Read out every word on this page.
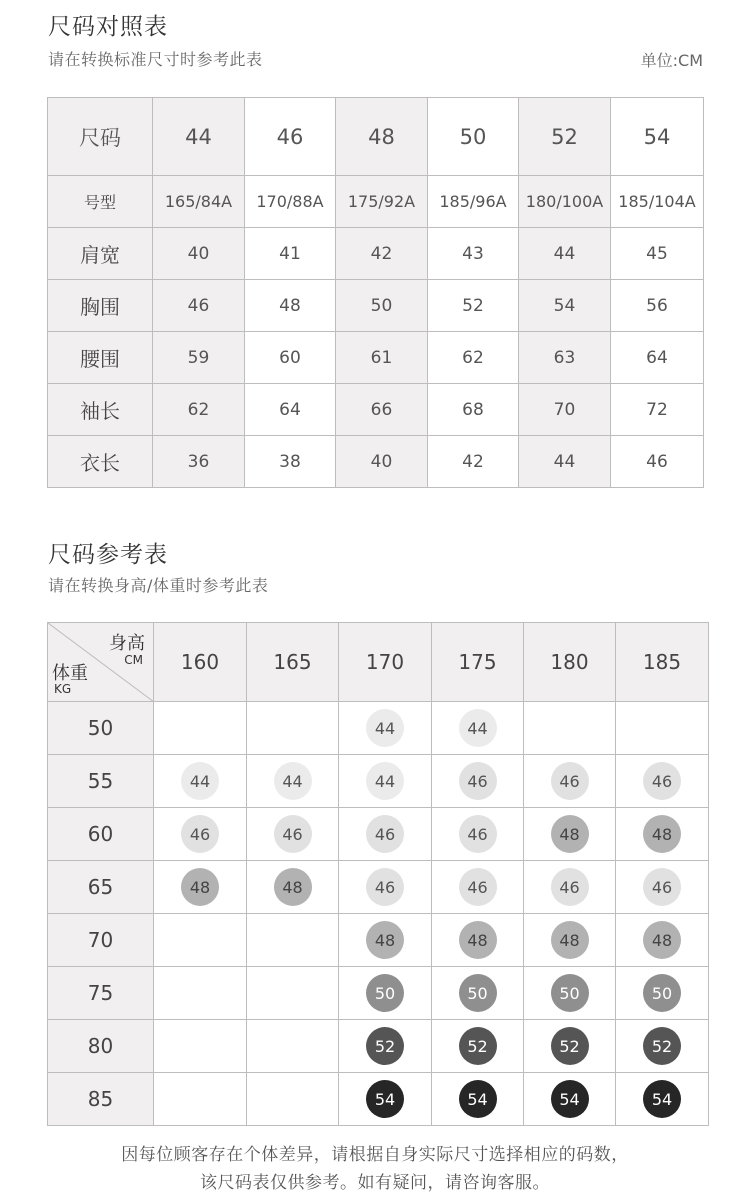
尺码对照表
请在转换标准尺寸时参考此表	单位:CM
尺码	44	46	48	50	52	54
号型	165/84A	170/88A	175/92A	185/96A	180/100A	185/104A
肩宽	40	41	42	43	44	45
胸围	46	48	50	52	54	56
腰围	59	60	61	62	63	64
袖长	62	64	66	68	70	72
衣长	36	38	40	42	44	46
尺码参考表
请在转换身高/体重时参考此表
身高
CM
体重
KG	160	165	170	175	180	185
50			44	44		
55	44	44	44	46	46	46
60	46	46	46	46	48	48
65	48	48	46	46	46	46
70			48	48	48	48
75			50	50	50	50
80			52	52	52	52
85			54	54	54	54
因每位顾客存在个体差异，请根据自身实际尺寸选择相应的码数，
该尺码表仅供参考。如有疑问，请咨询客服。
